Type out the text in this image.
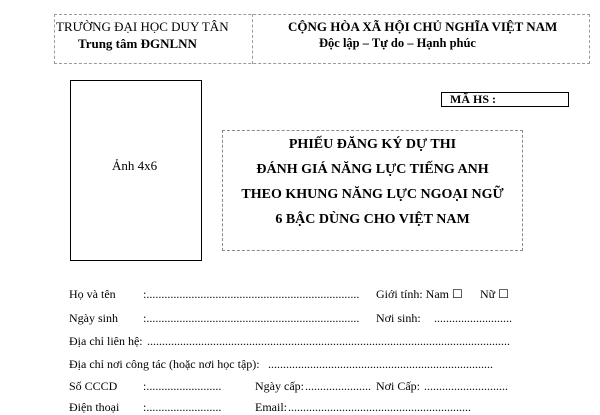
TRƯỜNG ĐẠI HỌC DUY TÂN
Trung tâm ĐGNLNN
CỘNG HÒA XÃ HỘI CHỦ NGHĨA VIỆT NAM
Độc lập – Tự do – Hạnh phúc
Ảnh 4x6
MÃ HS :
PHIẾU ĐĂNG KÝ DỰ THI
ĐÁNH GIÁ NĂNG LỰC TIẾNG ANH
THEO KHUNG NĂNG LỰC NGOẠI NGỮ
6 BẬC DÙNG CHO VIỆT NAM
Họ và tên :....................................................................... Giới tính: Nam ☐ Nữ ☐
Ngày sinh :....................................................................... Nơi sinh: ..........................
Địa chỉ liên hệ: .........................................................................................................................
Địa chỉ nơi công tác (hoặc nơi học tập): ...........................................................................
Số CCCD :.........................	Ngày cấp: ...................... Nơi Cấp: ............................
Điện thoại :.........................	Email: .............................................................
